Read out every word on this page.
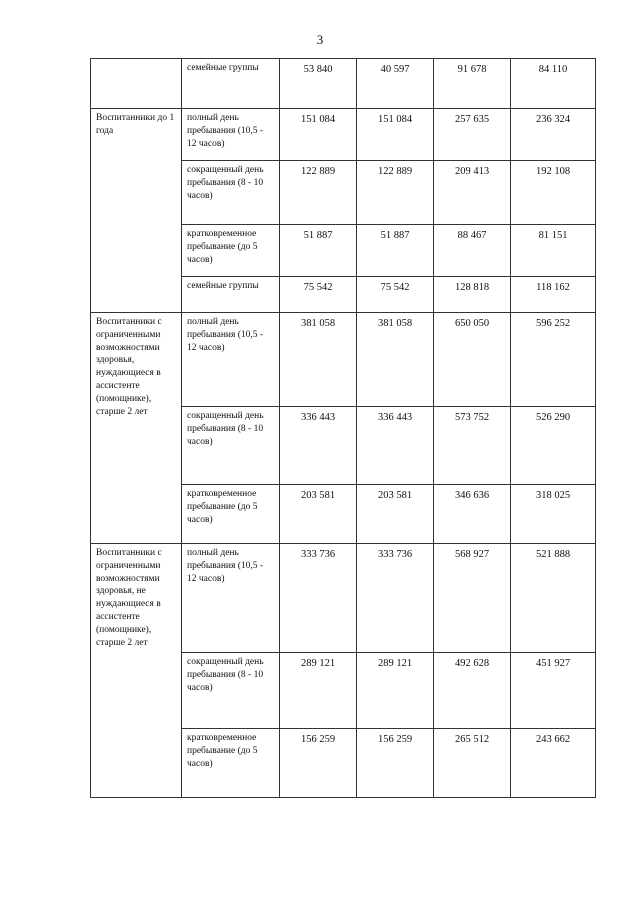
3
	семейные группы	53 840	40 597	91 678	84 110
Воспитанники до 1 года	полный день пребывания (10,5 - 12 часов)	151 084	151 084	257 635	236 324
	сокращенный день пребывания (8 - 10 часов)	122 889	122 889	209 413	192 108
	кратковременное пребывание (до 5 часов)	51 887	51 887	88 467	81 151
	семейные группы	75 542	75 542	128 818	118 162
Воспитанники с ограниченными возможностями здоровья, нуждающиеся в ассистенте (помощнике), старше 2 лет	полный день пребывания (10,5 - 12 часов)	381 058	381 058	650 050	596 252
	сокращенный день пребывания (8 - 10 часов)	336 443	336 443	573 752	526 290
	кратковременное пребывание (до 5 часов)	203 581	203 581	346 636	318 025
Воспитанники с ограниченными возможностями здоровья, не нуждающиеся в ассистенте (помощнике), старше 2 лет	полный день пребывания (10,5 - 12 часов)	333 736	333 736	568 927	521 888
	сокращенный день пребывания (8 - 10 часов)	289 121	289 121	492 628	451 927
	кратковременное пребывание (до 5 часов)	156 259	156 259	265 512	243 662
